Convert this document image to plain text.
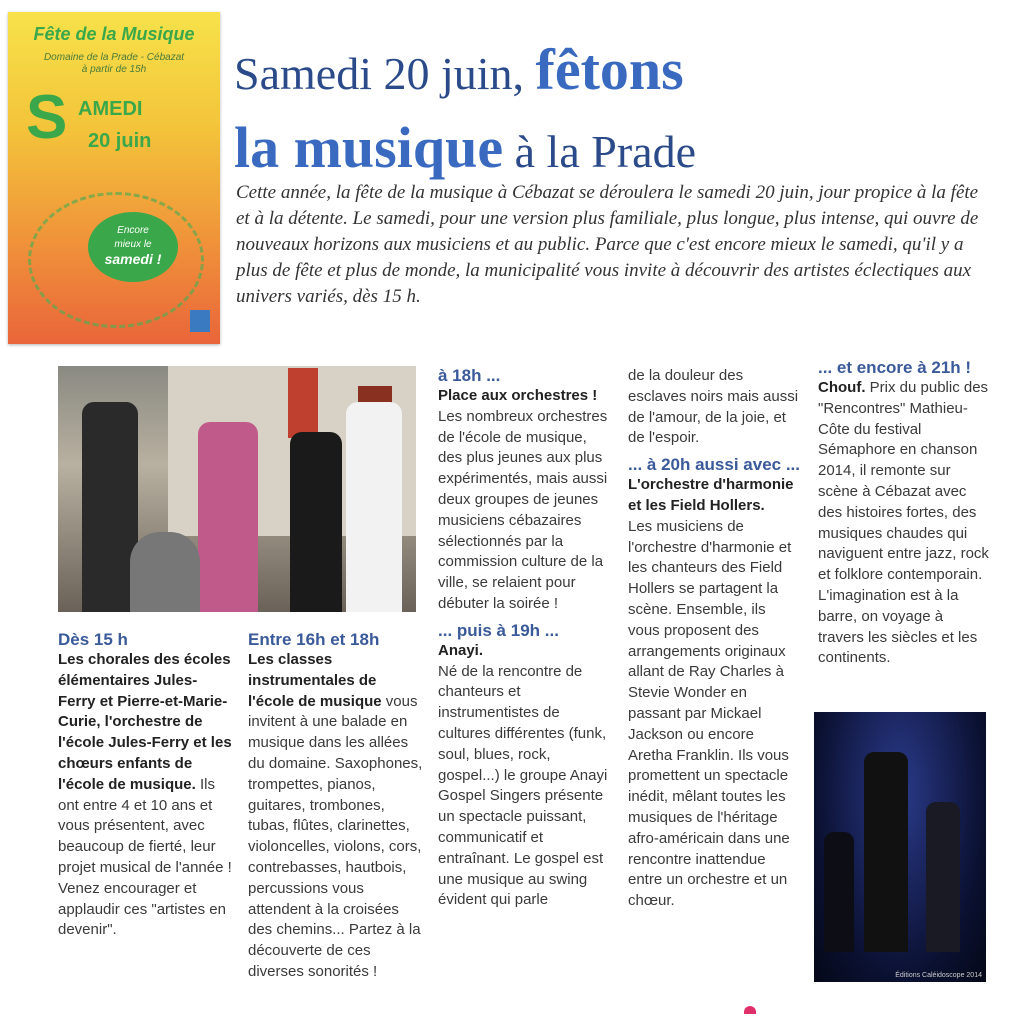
Fête de la Musique
Domaine de la Prade - Cébazat
à partir de 15h
S AMEDI
20 juin
Encore
mieux le
samedi !
Samedi 20 juin, fêtons
la musique à la Prade
Cette année, la fête de la musique à Cébazat se déroulera le samedi 20 juin, jour propice à la fête et à la détente. Le samedi, pour une version plus familiale, plus longue, plus intense, qui ouvre de nouveaux horizons aux musiciens et au public. Parce que c'est encore mieux le samedi, qu'il y a plus de fête et plus de monde, la municipalité vous invite à découvrir des artistes éclectiques aux univers variés, dès 15 h.
Dès 15 h
Les chorales des écoles élémentaires Jules-Ferry et Pierre-et-Marie-Curie, l'orchestre de l'école Jules-Ferry et les chœurs enfants de l'école de musique. Ils ont entre 4 et 10 ans et vous présentent, avec beaucoup de fierté, leur projet musical de l'année ! Venez encourager et applaudir ces "artistes en devenir".
Entre 16h et 18h
Les classes instrumentales de l'école de musique vous invitent à une balade en musique dans les allées du domaine. Saxophones, trompettes, pianos, guitares, trombones, tubas, flûtes, clarinettes, violoncelles, violons, cors, contrebasses, hautbois, percussions vous attendent à la croisées des chemins... Partez à la découverte de ces diverses sonorités !
à 18h ...
Place aux orchestres !
Les nombreux orchestres de l'école de musique, des plus jeunes aux plus expérimentés, mais aussi deux groupes de jeunes musiciens cébazaires sélectionnés par la commission culture de la ville, se relaient pour débuter la soirée !
... puis à 19h ...
Anayi.
Né de la rencontre de chanteurs et instrumentistes de cultures différentes (funk, soul, blues, rock, gospel...) le groupe Anayi Gospel Singers présente un spectacle puissant, communicatif et entraînant. Le gospel est une musique au swing évident qui parle
de la douleur des esclaves noirs mais aussi de l'amour, de la joie, et de l'espoir.
... à 20h aussi avec ...
L'orchestre d'harmonie et les Field Hollers.
Les musiciens de l'orchestre d'harmonie et les chanteurs des Field Hollers se partagent la scène. Ensemble, ils vous proposent des arrangements originaux allant de Ray Charles à Stevie Wonder en passant par Mickael Jackson ou encore Aretha Franklin. Ils vous promettent un spectacle inédit, mêlant toutes les musiques de l'héritage afro-américain dans une rencontre inattendue entre un orchestre et un chœur.
... et encore à 21h !
Chouf. Prix du public des "Rencontres" Mathieu-Côte du festival Sémaphore en chanson 2014, il remonte sur scène à Cébazat avec des histoires fortes, des musiques chaudes qui naviguent entre jazz, rock et folklore contemporain. L'imagination est à la barre, on voyage à travers les siècles et les continents.
Éditions Caléidoscope 2014
